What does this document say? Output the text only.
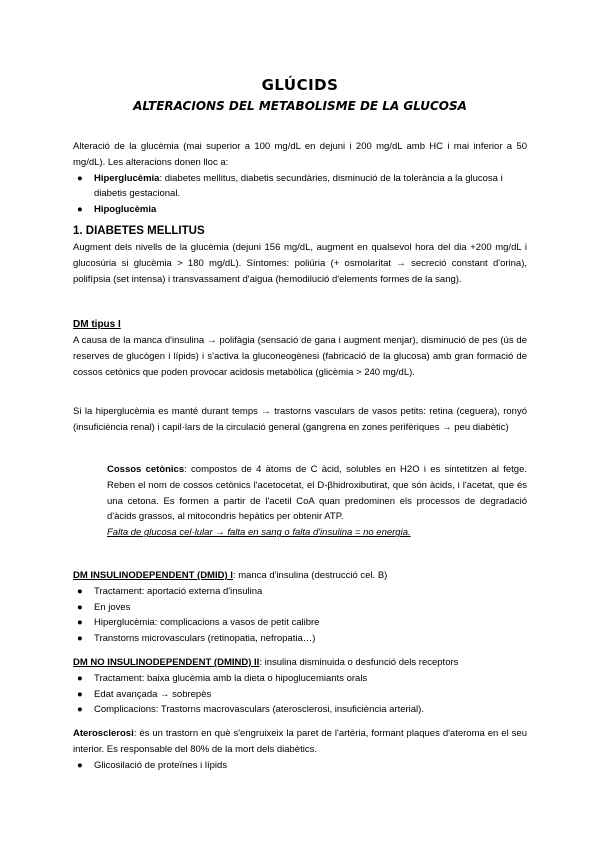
GLÚCIDS
ALTERACIONS DEL METABOLISME DE LA GLUCOSA

Alteració de la glucèmia (mai superior a 100 mg/dL en dejuni i 200 mg/dL amb HC i mai inferior a 50 mg/dL). Les alteracions donen lloc a:

● Hiperglucèmia: diabetes mellitus, diabetis secundàries, disminució de la tolerància a la glucosa i diabetis gestacional.
● Hipoglucèmia
1. DIABETES MELLITUS
Augment dels nivells de la glucèmia (dejuni 156 mg/dL, augment en qualsevol hora del dia +200 mg/dL i glucosúria si glucèmia > 180 mg/dL). Síntomes: poliúria (+ osmolaritat → secreció constant d'orina), polifípsia (set intensa) i transvassament d'aigua (hemodilució d'elements formes de la sang).
DM tipus I
A causa de la manca d'insulina → polifàgia (sensació de gana i augment menjar), disminució de pes (ús de reserves de glucògen i lípids) i s'activa la gluconeogènesi (fabricació de la glucosa) amb gran formació de cossos cetònics que poden provocar acidosis metabòlica (glicèmia > 240 mg/dL).
Si la hiperglucèmia es manté durant temps → trastorns vasculars de vasos petits: retina (ceguera), ronyó (insuficiència renal) i capil·lars de la circulació general (gangrena en zones perifèriques → peu diabètic)

Cossos cetònics: compostos de 4 àtoms de C àcid, solubles en H2O i es sintetitzen al fetge. Reben el nom de cossos cetònics l'acetocetat, el D-βhidroxibutirat, que són àcids, i l'acetat, que és una cetona. Es formen a partir de l'acetil CoA quan predominen els processos de degradació d'àcids grassos, al mitocondris hepàtics per obtenir ATP.

Falta de glucosa cel·lular → falta en sang o falta d'insulina = no energia.

DM INSULINODEPENDENT (DMID) I: manca d'insulina (destrucció cel. B)

● Tractament: aportació externa d'insulina
● En joves
● Hiperglucèmia: complicacions a vasos de petit calibre
● Transtorns microvasculars (retinopatia, nefropatia…)

DM NO INSULINODEPENDENT (DMIND) II: insulina disminuida o desfunció dels receptors

● Tractament: baixa glucèmia amb la dieta o hipoglucemiants orals
● Edat avançada → sobrepès
● Complicacions: Trastorns macrovasculars (aterosclerosi, insuficiència arterial).

Aterosclerosi: és un trastorn en què s'engruixeix la paret de l'artèria, formant plaques d'ateroma en el seu interior. Es responsable del 80% de la mort dels diabètics.

● Glicosilació de proteïnes i lípids
